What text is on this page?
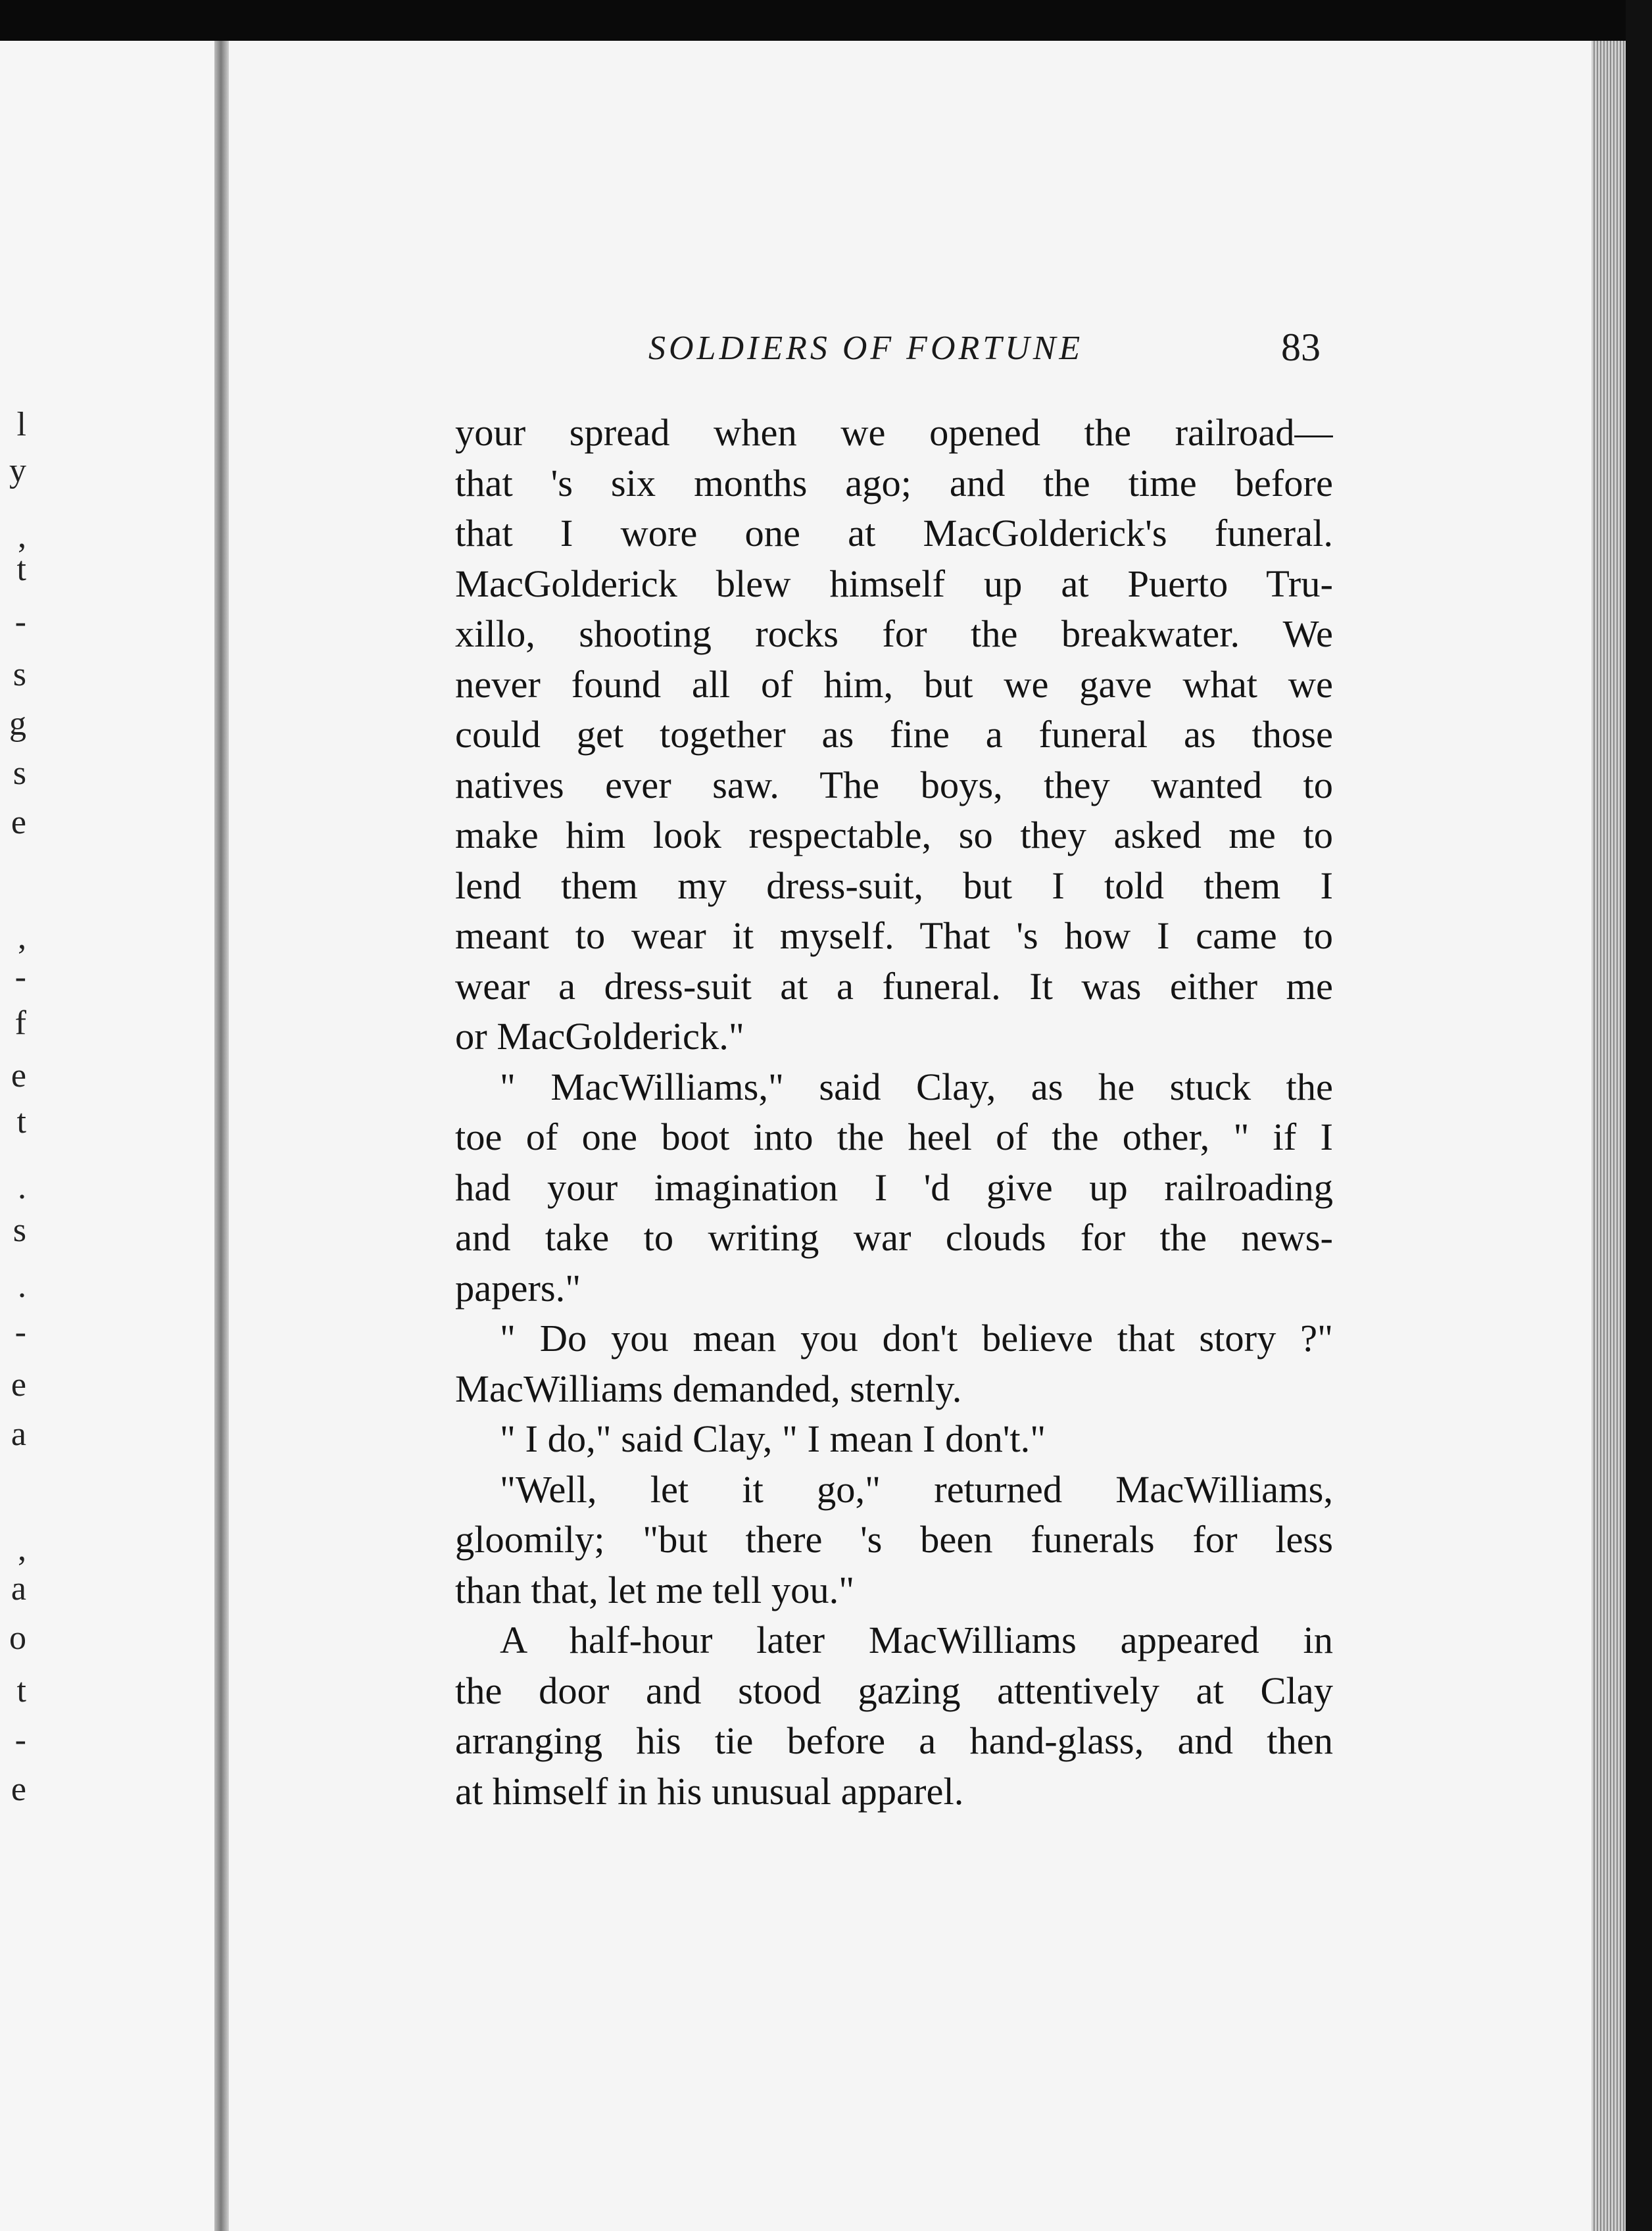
l
y
,
t
-
s
g
s
e
,
-
f
e
t
.
s
.
-
e
a
,
a
o
t
-
e
SOLDIERS OF FORTUNE	83
your spread when we opened the railroad—
that 's six months ago; and the time before
that I wore one at MacGolderick's funeral.
MacGolderick blew himself up at Puerto Tru-
xillo, shooting rocks for the breakwater. We
never found all of him, but we gave what we
could get together as fine a funeral as those
natives ever saw. The boys, they wanted to
make him look respectable, so they asked me to
lend them my dress-suit, but I told them I
meant to wear it myself. That 's how I came to
wear a dress-suit at a funeral. It was either me
or MacGolderick."
" MacWilliams," said Clay, as he stuck the
toe of one boot into the heel of the other, " if I
had your imagination I 'd give up railroading
and take to writing war clouds for the news-
papers."
" Do you mean you don't believe that story ?"
MacWilliams demanded, sternly.
" I do," said Clay, " I mean I don't."
"Well, let it go," returned MacWilliams,
gloomily; "but there 's been funerals for less
than that, let me tell you."
A half-hour later MacWilliams appeared in
the door and stood gazing attentively at Clay
arranging his tie before a hand-glass, and then
at himself in his unusual apparel.
